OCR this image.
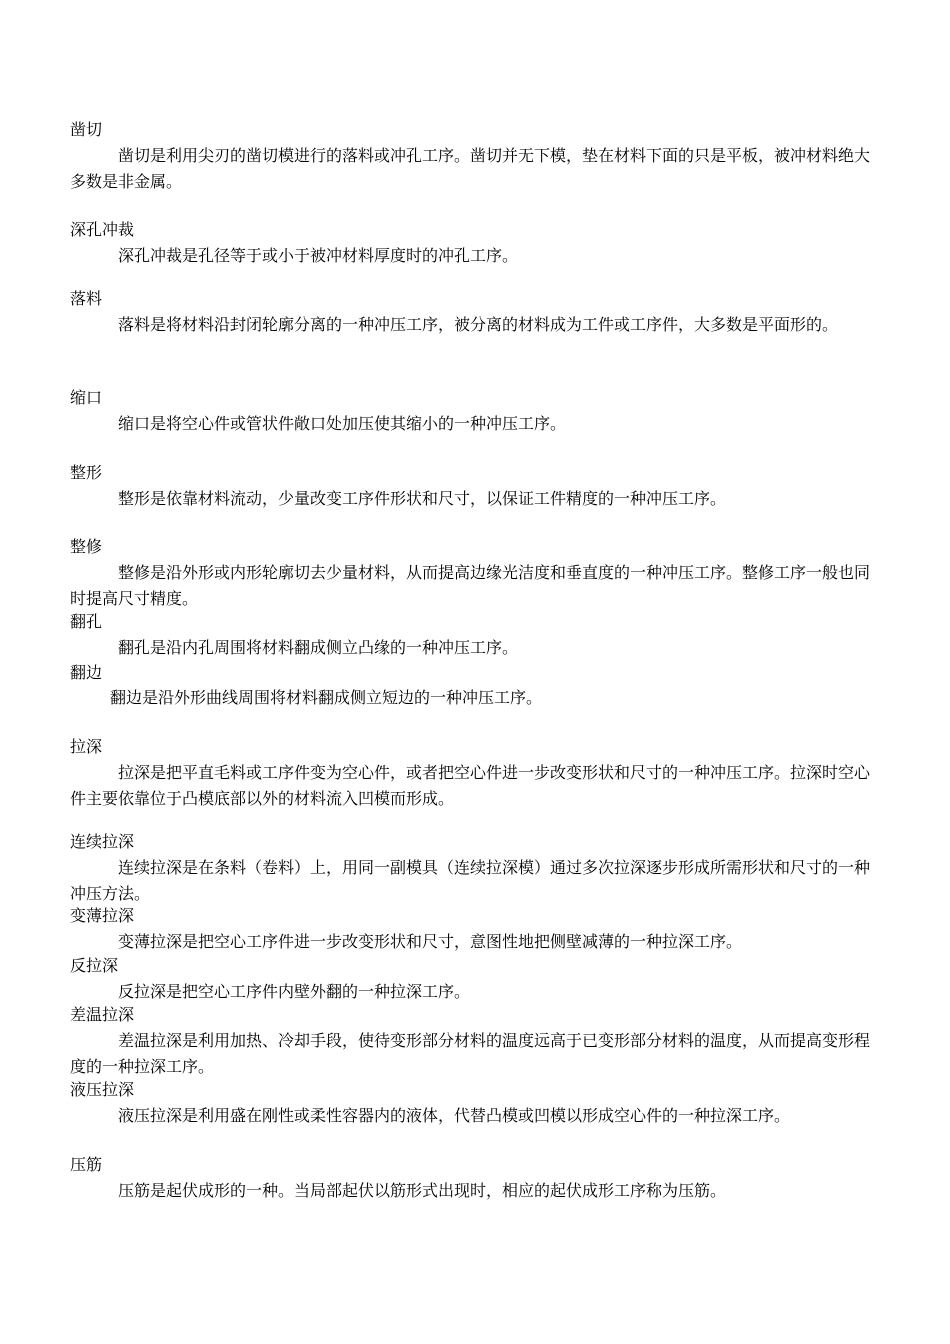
凿切

凿切是利用尖刃的凿切模进行的落料或冲孔工序。凿切并无下模，垫在材料下面的只是平板，被冲材料绝大多数是非金属。

深孔冲裁

深孔冲裁是孔径等于或小于被冲材料厚度时的冲孔工序。

落料

落料是将材料沿封闭轮廓分离的一种冲压工序，被分离的材料成为工件或工序件，大多数是平面形的。

缩口

缩口是将空心件或管状件敞口处加压使其缩小的一种冲压工序。

整形

整形是依靠材料流动，少量改变工序件形状和尺寸，以保证工件精度的一种冲压工序。

整修

整修是沿外形或内形轮廓切去少量材料，从而提高边缘光洁度和垂直度的一种冲压工序。整修工序一般也同时提高尺寸精度。

翻孔

翻孔是沿内孔周围将材料翻成侧立凸缘的一种冲压工序。

翻边

翻边是沿外形曲线周围将材料翻成侧立短边的一种冲压工序。

拉深

拉深是把平直毛料或工序件变为空心件，或者把空心件进一步改变形状和尺寸的一种冲压工序。拉深时空心件主要依靠位于凸模底部以外的材料流入凹模而形成。

连续拉深

连续拉深是在条料（卷料）上，用同一副模具（连续拉深模）通过多次拉深逐步形成所需形状和尺寸的一种冲压方法。

变薄拉深

变薄拉深是把空心工序件进一步改变形状和尺寸，意图性地把侧壁减薄的一种拉深工序。

反拉深

反拉深是把空心工序件内壁外翻的一种拉深工序。

差温拉深

差温拉深是利用加热、冷却手段，使待变形部分材料的温度远高于已变形部分材料的温度，从而提高变形程度的一种拉深工序。

液压拉深

液压拉深是利用盛在刚性或柔性容器内的液体，代替凸模或凹模以形成空心件的一种拉深工序。

压筋

压筋是起伏成形的一种。当局部起伏以筋形式出现时，相应的起伏成形工序称为压筋。
